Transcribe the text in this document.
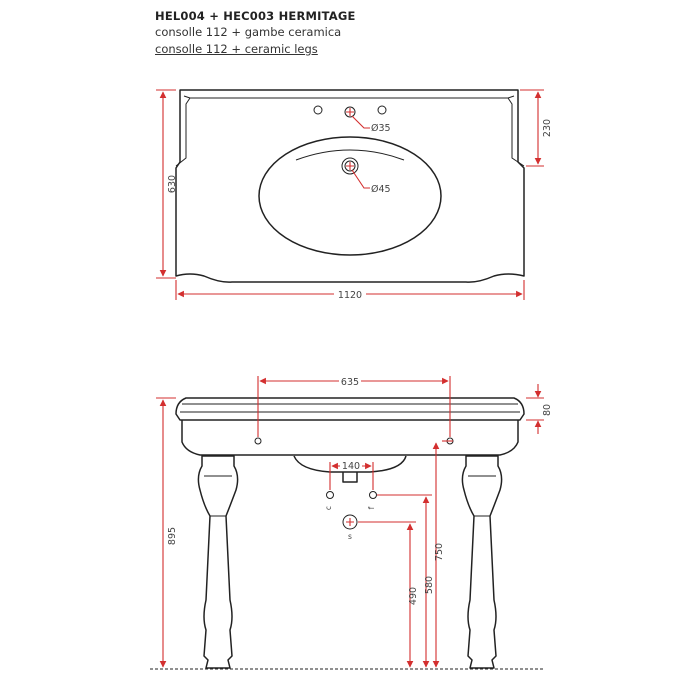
HEL004 + HEC003 HERMITAGE
consolle 112 + gambe ceramica
consolle 112 + ceramic legs
Ø35
Ø45
630
230
1120
c	f
s
635
80
895
140
490
580
750
